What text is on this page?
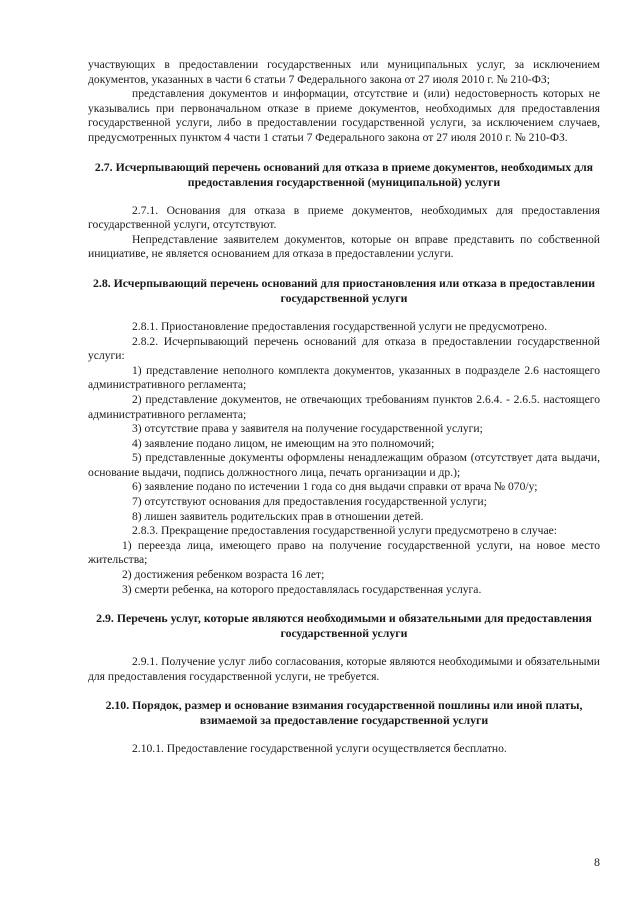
участвующих в предоставлении государственных или муниципальных услуг, за исключением документов, указанных в части 6 статьи 7 Федерального закона от 27 июля 2010 г. № 210-ФЗ;

представления документов и информации, отсутствие и (или) недостоверность которых не указывались при первоначальном отказе в приеме документов, необходимых для предоставления государственной услуги, либо в предоставлении государственной услуги, за исключением случаев, предусмотренных пунктом 4 части 1 статьи 7 Федерального закона от 27 июля 2010 г. № 210-ФЗ.

2.7. Исчерпывающий перечень оснований для отказа в приеме документов, необходимых для предоставления государственной (муниципальной) услуги

2.7.1. Основания для отказа в приеме документов, необходимых для предоставления государственной услуги, отсутствуют.

Непредставление заявителем документов, которые он вправе представить по собственной инициативе, не является основанием для отказа в предоставлении услуги.

2.8. Исчерпывающий перечень оснований для приостановления или отказа в предоставлении государственной услуги

2.8.1. Приостановление предоставления государственной услуги не предусмотрено.

2.8.2. Исчерпывающий перечень оснований для отказа в предоставлении государственной услуги:

1) представление неполного комплекта документов, указанных в подразделе 2.6 настоящего административного регламента;

2) представление документов, не отвечающих требованиям пунктов 2.6.4. - 2.6.5. настоящего административного регламента;

3) отсутствие права у заявителя на получение государственной услуги;

4) заявление подано лицом, не имеющим на это полномочий;

5) представленные документы оформлены ненадлежащим образом (отсутствует дата выдачи, основание выдачи, подпись должностного лица, печать организации и др.);

6) заявление подано по истечении 1 года со дня выдачи справки от врача № 070/у;

7) отсутствуют основания для предоставления государственной услуги;

8) лишен заявитель родительских прав в отношении детей.

2.8.3. Прекращение предоставления государственной услуги предусмотрено в случае:

1) переезда лица, имеющего право на получение государственной услуги, на новое место жительства;

2) достижения ребенком возраста 16 лет;

3) смерти ребенка, на которого предоставлялась государственная услуга.

2.9. Перечень услуг, которые являются необходимыми и обязательными для предоставления государственной услуги

2.9.1. Получение услуг либо согласования, которые являются необходимыми и обязательными для предоставления государственной услуги, не требуется.

2.10. Порядок, размер и основание взимания государственной пошлины или иной платы, взимаемой за предоставление государственной услуги

2.10.1. Предоставление государственной услуги осуществляется бесплатно.

8
